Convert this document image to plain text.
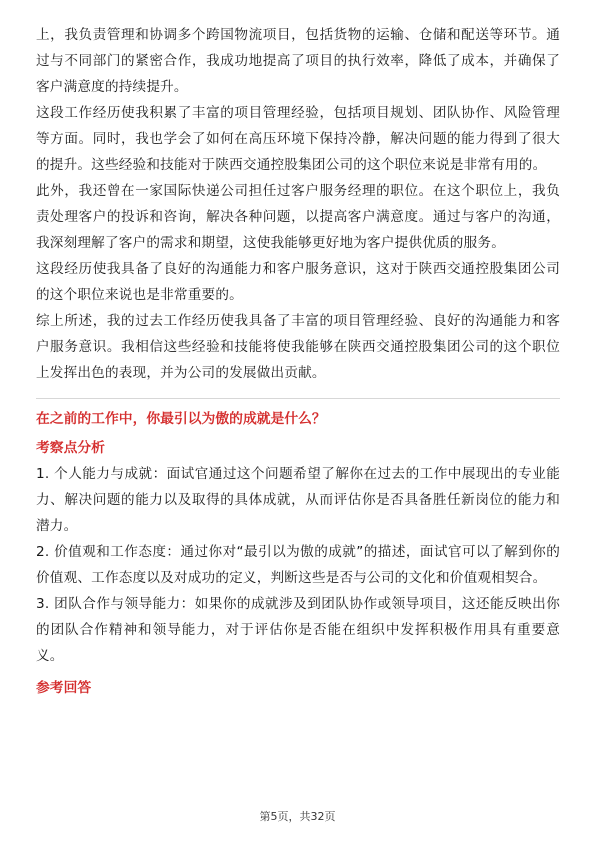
上，我负责管理和协调多个跨国物流项目，包括货物的运输、仓储和配送等环节。通过与不同部门的紧密合作，我成功地提高了项目的执行效率，降低了成本，并确保了客户满意度的持续提升。

这段工作经历使我积累了丰富的项目管理经验，包括项目规划、团队协作、风险管理等方面。同时，我也学会了如何在高压环境下保持冷静，解决问题的能力得到了很大的提升。这些经验和技能对于陕西交通控股集团公司的这个职位来说是非常有用的。

此外，我还曾在一家国际快递公司担任过客户服务经理的职位。在这个职位上，我负责处理客户的投诉和咨询，解决各种问题，以提高客户满意度。通过与客户的沟通，我深刻理解了客户的需求和期望，这使我能够更好地为客户提供优质的服务。

这段经历使我具备了良好的沟通能力和客户服务意识，这对于陕西交通控股集团公司的这个职位来说也是非常重要的。

综上所述，我的过去工作经历使我具备了丰富的项目管理经验、良好的沟通能力和客户服务意识。我相信这些经验和技能将使我能够在陕西交通控股集团公司的这个职位上发挥出色的表现，并为公司的发展做出贡献。

在之前的工作中，你最引以为傲的成就是什么？

考察点分析

1. 个人能力与成就：面试官通过这个问题希望了解你在过去的工作中展现出的专业能力、解决问题的能力以及取得的具体成就，从而评估你是否具备胜任新岗位的能力和潜力。

2. 价值观和工作态度：通过你对“最引以为傲的成就”的描述，面试官可以了解到你的价值观、工作态度以及对成功的定义，判断这些是否与公司的文化和价值观相契合。

3. 团队合作与领导能力：如果你的成就涉及到团队协作或领导项目，这还能反映出你的团队合作精神和领导能力，对于评估你是否能在组织中发挥积极作用具有重要意义。

参考回答

第5页，共32页
